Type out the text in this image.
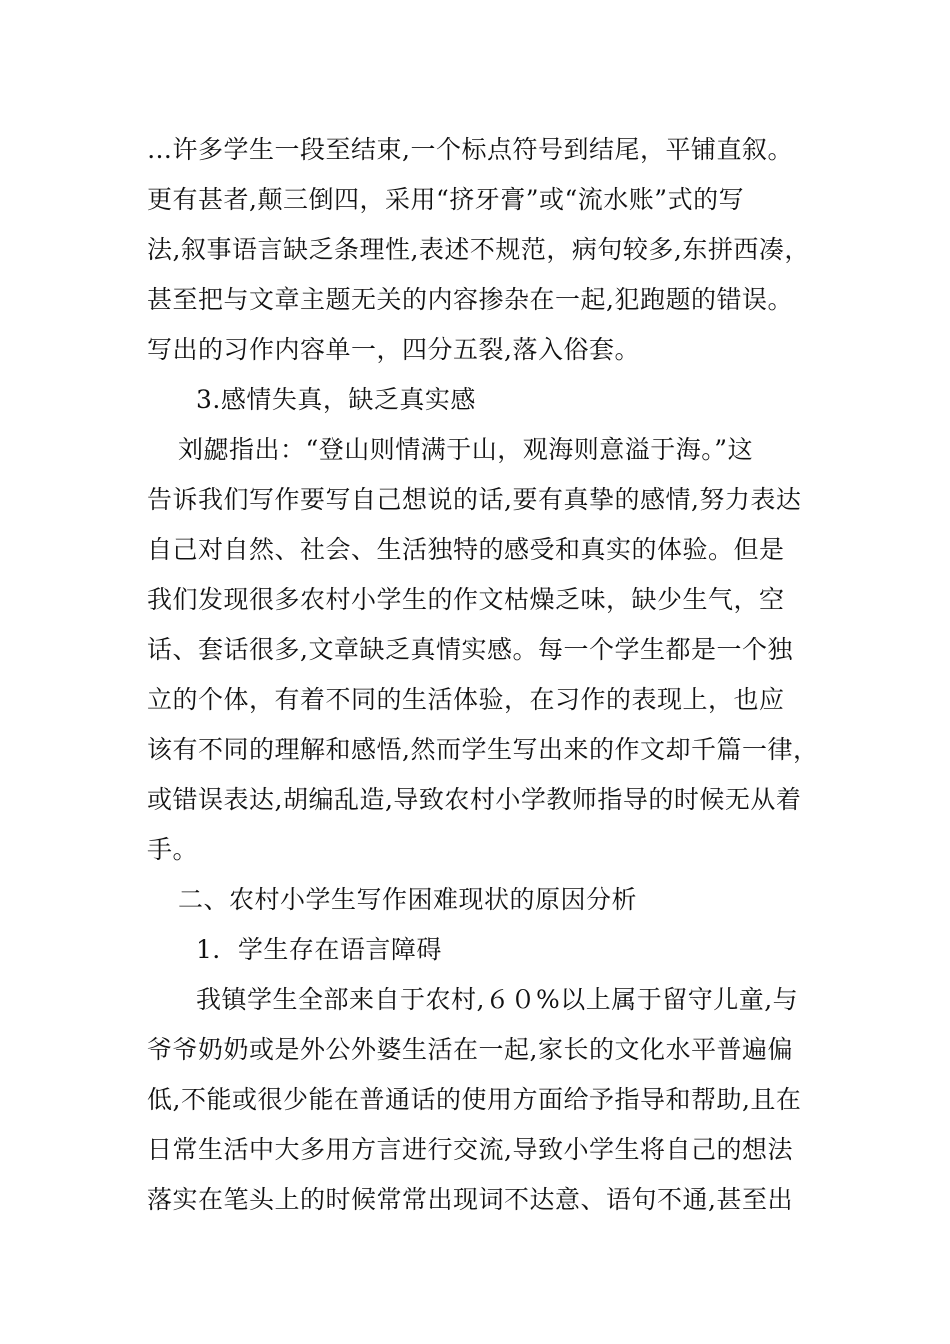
…许多学生一段至结束,一个标点符号到结尾，平铺直叙。
更有甚者,颠三倒四，采用“挤牙膏”或“流水账”式的写
法,叙事语言缺乏条理性,表述不规范，病句较多,东拼西凑，
甚至把与文章主题无关的内容掺杂在一起,犯跑题的错误。
写出的习作内容单一，四分五裂,落入俗套。
3.感情失真，缺乏真实感
刘勰指出：“登山则情满于山，观海则意溢于海。”这
告诉我们写作要写自己想说的话,要有真挚的感情,努力表达
自己对自然、社会、生活独特的感受和真实的体验。但是
我们发现很多农村小学生的作文枯燥乏味，缺少生气，空
话、套话很多,文章缺乏真情实感。每一个学生都是一个独
立的个体，有着不同的生活体验，在习作的表现上，也应
该有不同的理解和感悟,然而学生写出来的作文却千篇一律，
或错误表达,胡编乱造,导致农村小学教师指导的时候无从着
手。
二、农村小学生写作困难现状的原因分析
1．学生存在语言障碍
我镇学生全部来自于农村,６０%以上属于留守儿童,与
爷爷奶奶或是外公外婆生活在一起,家长的文化水平普遍偏
低,不能或很少能在普通话的使用方面给予指导和帮助,且在
日常生活中大多用方言进行交流,导致小学生将自己的想法
落实在笔头上的时候常常出现词不达意、语句不通,甚至出
